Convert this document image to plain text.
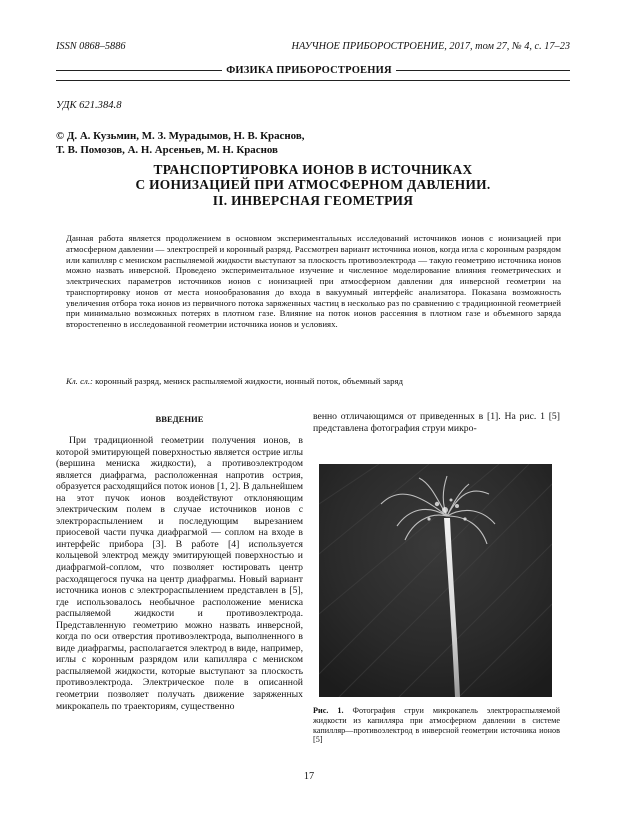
ISSN 0868–5886	НАУЧНОЕ ПРИБОРОСТРОЕНИЕ, 2017, том 27, № 4, с. 17–23
ФИЗИКА ПРИБОРОСТРОЕНИЯ
УДК 621.384.8
© Д. А. Кузьмин, М. З. Мурадымов, Н. В. Краснов,
Т. В. Помозов, А. Н. Арсеньев, М. Н. Краснов
ТРАНСПОРТИРОВКА ИОНОВ В ИСТОЧНИКАХ
С ИОНИЗАЦИЕЙ ПРИ АТМОСФЕРНОМ ДАВЛЕНИИ.
II. ИНВЕРСНАЯ ГЕОМЕТРИЯ
Данная работа является продолжением в основном экспериментальных исследований источников ионов с ионизацией при атмосферном давлении — электроспрей и коронный разряд. Рассмотрен вариант источника ионов, когда игла с коронным разрядом или капилляр с мениском распыляемой жидкости выступают за плоскость противоэлектрода — такую геометрию источника ионов можно назвать инверсной. Проведено экспериментальное изучение и численное моделирование влияния геометрических и электрических параметров источников ионов с ионизацией при атмосферном давлении для инверсной геометрии на транспортировку ионов от места ионообразования до входа в вакуумный интерфейс анализатора. Показана возможность увеличения отбора тока ионов из первичного потока заряженных частиц в несколько раз по сравнению с традиционной геометрией при минимально возможных потерях в плотном газе. Влияние на поток ионов рассеяния в плотном газе и объемного заряда второстепенно в исследованной геометрии источника ионов и условиях.
Кл. сл.: коронный разряд, мениск распыляемой жидкости, ионный поток, объемный заряд
ВВЕДЕНИЕ
При традиционной геометрии получения ионов, в которой эмитирующей поверхностью является острие иглы (вершина мениска жидкости), а противоэлектродом является диафрагма, расположенная напротив острия, образуется расходящийся поток ионов [1, 2]. В дальнейшем на этот пучок ионов воздействуют отклоняющим электрическим полем в случае источников ионов с электрораспылением и последующим вырезанием приосевой части пучка диафрагмой — соплом на входе в интерфейс прибора [3]. В работе [4] используется кольцевой электрод между эмитирующей поверхностью и диафрагмой-соплом, что позволяет юстировать центр расходящегося пучка на центр диафрагмы. Новый вариант источника ионов с электрораспылением представлен в [5], где использовалось необычное расположение мениска распыляемой жидкости и противоэлектрода. Представленную геометрию можно назвать инверсной, когда по оси отверстия противоэлектрода, выполненного в виде диафрагмы, располагается электрод в виде, например, иглы с коронным разрядом или капилляра с мениском распыляемой жидкости, которые выступают за плоскость противоэлектрода. Электрическое поле в описанной геометрии позволяет получать движение заряженных микрокапель по траекториям, существенно
венно отличающимся от приведенных в [1]. На рис. 1 [5] представлена фотография струи микро-
Рис. 1. Фотография струи микрокапель электрораспыляемой жидкости из капилляра при атмосферном давлении в системе капилляр—противоэлектрод в инверсной геометрии источника ионов [5]
17
